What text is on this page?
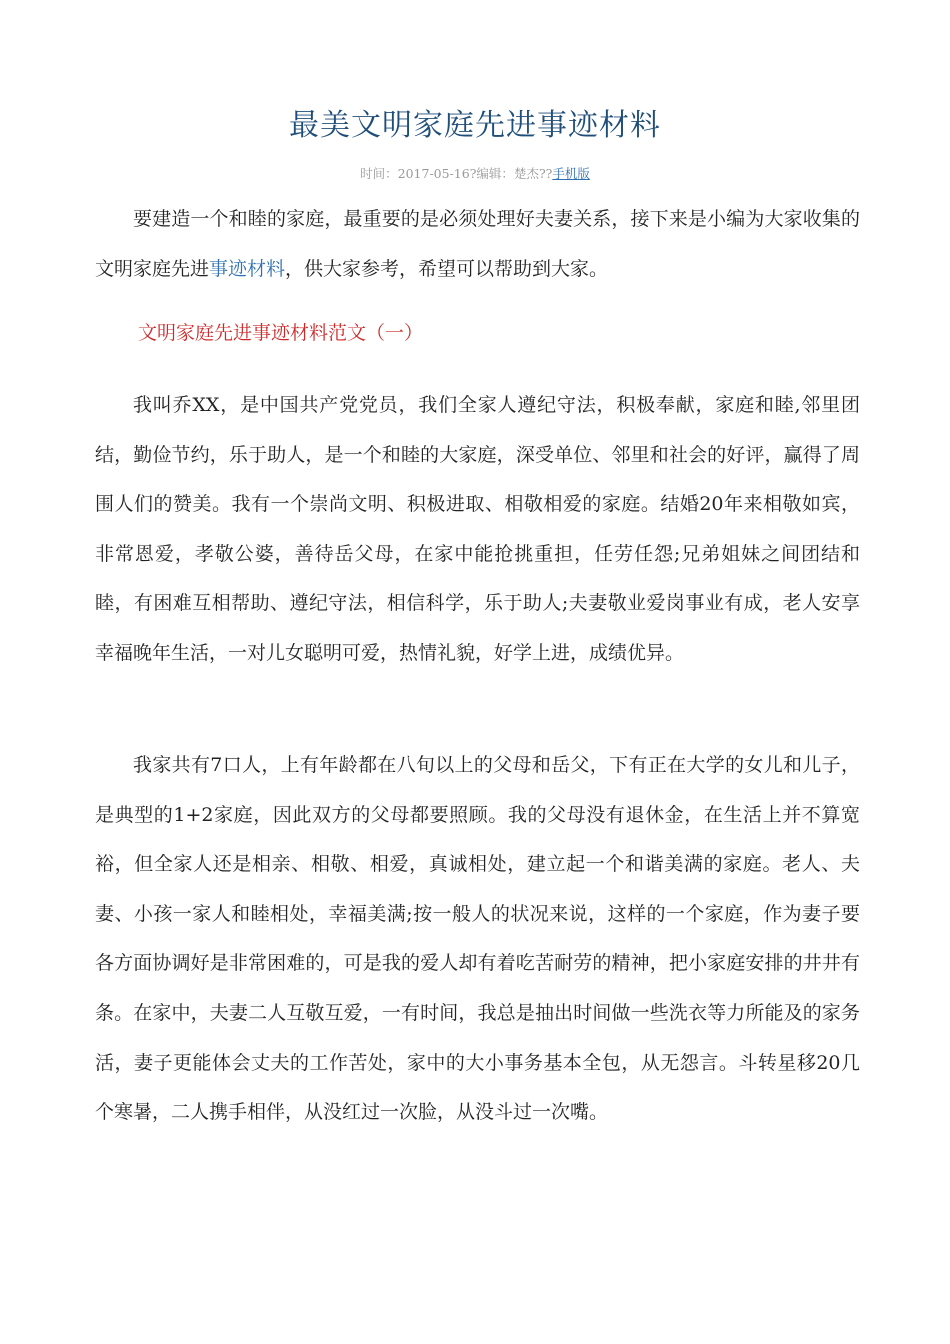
最美文明家庭先进事迹材料
时间：2017-05-16?编辑：楚杰??手机版
要建造一个和睦的家庭，最重要的是必须处理好夫妻关系，接下来是小编为大家收集的文明家庭先进事迹材料，供大家参考，希望可以帮助到大家。
文明家庭先进事迹材料范文（一）
我叫乔XX，是中国共产党党员，我们全家人遵纪守法，积极奉献，家庭和睦,邻里团结，勤俭节约，乐于助人，是一个和睦的大家庭，深受单位、邻里和社会的好评，赢得了周围人们的赞美。我有一个崇尚文明、积极进取、相敬相爱的家庭。结婚20年来相敬如宾，非常恩爱，孝敬公婆，善待岳父母，在家中能抢挑重担，任劳任怨;兄弟姐妹之间团结和睦，有困难互相帮助、遵纪守法，相信科学，乐于助人;夫妻敬业爱岗事业有成，老人安享幸福晚年生活，一对儿女聪明可爱，热情礼貌，好学上进，成绩优异。
我家共有7口人，上有年龄都在八旬以上的父母和岳父，下有正在大学的女儿和儿子，是典型的1+2家庭，因此双方的父母都要照顾。我的父母没有退休金，在生活上并不算宽裕，但全家人还是相亲、相敬、相爱，真诚相处，建立起一个和谐美满的家庭。老人、夫妻、小孩一家人和睦相处，幸福美满;按一般人的状况来说，这样的一个家庭，作为妻子要各方面协调好是非常困难的，可是我的爱人却有着吃苦耐劳的精神，把小家庭安排的井井有条。在家中，夫妻二人互敬互爱，一有时间，我总是抽出时间做一些洗衣等力所能及的家务活，妻子更能体会丈夫的工作苦处，家中的大小事务基本全包，从无怨言。斗转星移20几个寒暑，二人携手相伴，从没红过一次脸，从没斗过一次嘴。
